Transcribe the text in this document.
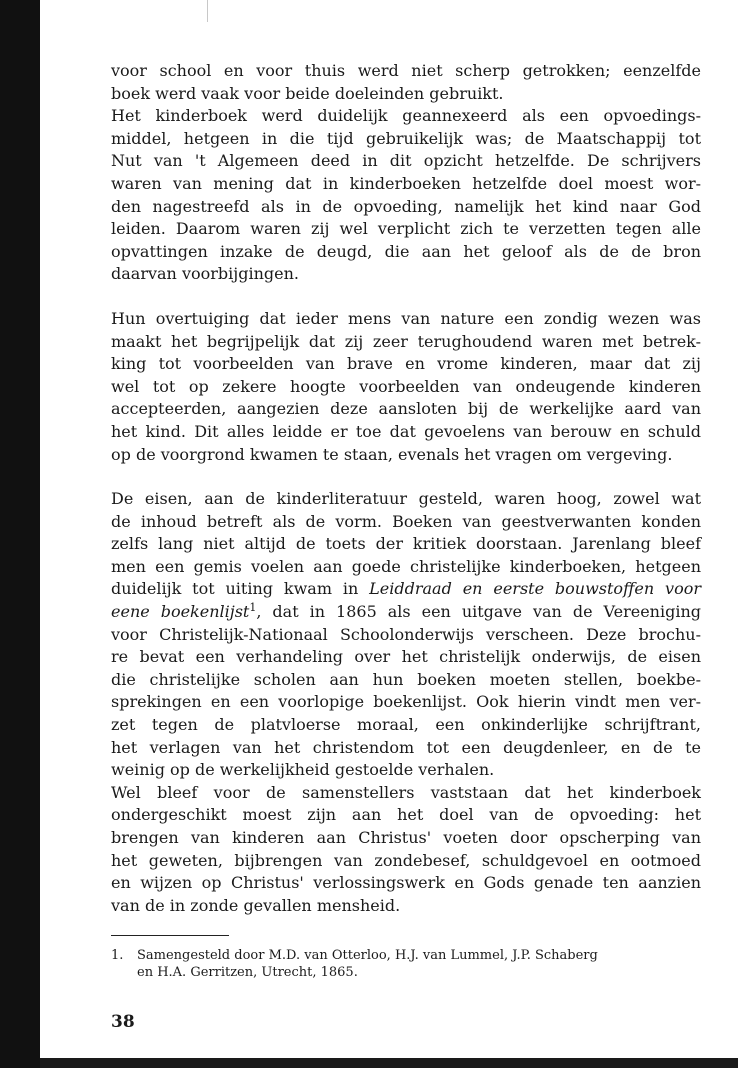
voor school en voor thuis werd niet scherp getrokken; eenzelfde
boek werd vaak voor beide doeleinden gebruikt.

Het kinderboek werd duidelijk geannexeerd als een opvoedings-
middel, hetgeen in die tijd gebruikelijk was; de Maatschappij tot
Nut van 't Algemeen deed in dit opzicht hetzelfde. De schrijvers
waren van mening dat in kinderboeken hetzelfde doel moest wor-
den nagestreefd als in de opvoeding, namelijk het kind naar God
leiden. Daarom waren zij wel verplicht zich te verzetten tegen alle
opvattingen inzake de deugd, die aan het geloof als de de bron
daarvan voorbijgingen.

Hun overtuiging dat ieder mens van nature een zondig wezen was
maakt het begrijpelijk dat zij zeer terughoudend waren met betrek-
king tot voorbeelden van brave en vrome kinderen, maar dat zij
wel tot op zekere hoogte voorbeelden van ondeugende kinderen
accepteerden, aangezien deze aansloten bij de werkelijke aard van
het kind. Dit alles leidde er toe dat gevoelens van berouw en schuld
op de voorgrond kwamen te staan, evenals het vragen om vergeving.

De eisen, aan de kinderliteratuur gesteld, waren hoog, zowel wat
de inhoud betreft als de vorm. Boeken van geestverwanten konden
zelfs lang niet altijd de toets der kritiek doorstaan. Jarenlang bleef
men een gemis voelen aan goede christelijke kinderboeken, hetgeen
duidelijk tot uiting kwam in Leiddraad en eerste bouwstoffen voor
eene boekenlijst$^1$, dat in 1865 als een uitgave van de Vereeniging
voor Christelijk-Nationaal Schoolonderwijs verscheen. Deze brochu-
re bevat een verhandeling over het christelijk onderwijs, de eisen
die christelijke scholen aan hun boeken moeten stellen, boekbe-
sprekingen en een voorlopige boekenlijst. Ook hierin vindt men ver-
zet tegen de platvloerse moraal, een onkinderlijke schrijftrant,
het verlagen van het christendom tot een deugdenleer, en de te
weinig op de werkelijkheid gestoelde verhalen.

Wel bleef voor de samenstellers vaststaan dat het kinderboek
ondergeschikt moest zijn aan het doel van de opvoeding: het
brengen van kinderen aan Christus' voeten door opscherping van
het geweten, bijbrengen van zondebesef, schuldgevoel en ootmoed
en wijzen op Christus' verlossingswerk en Gods genade ten aanzien
van de in zonde gevallen mensheid.

1. Samengesteld door M.D. van Otterloo, H.J. van Lummel, J.P. Schaberg
en H.A. Gerritzen, Utrecht, 1865.
38
